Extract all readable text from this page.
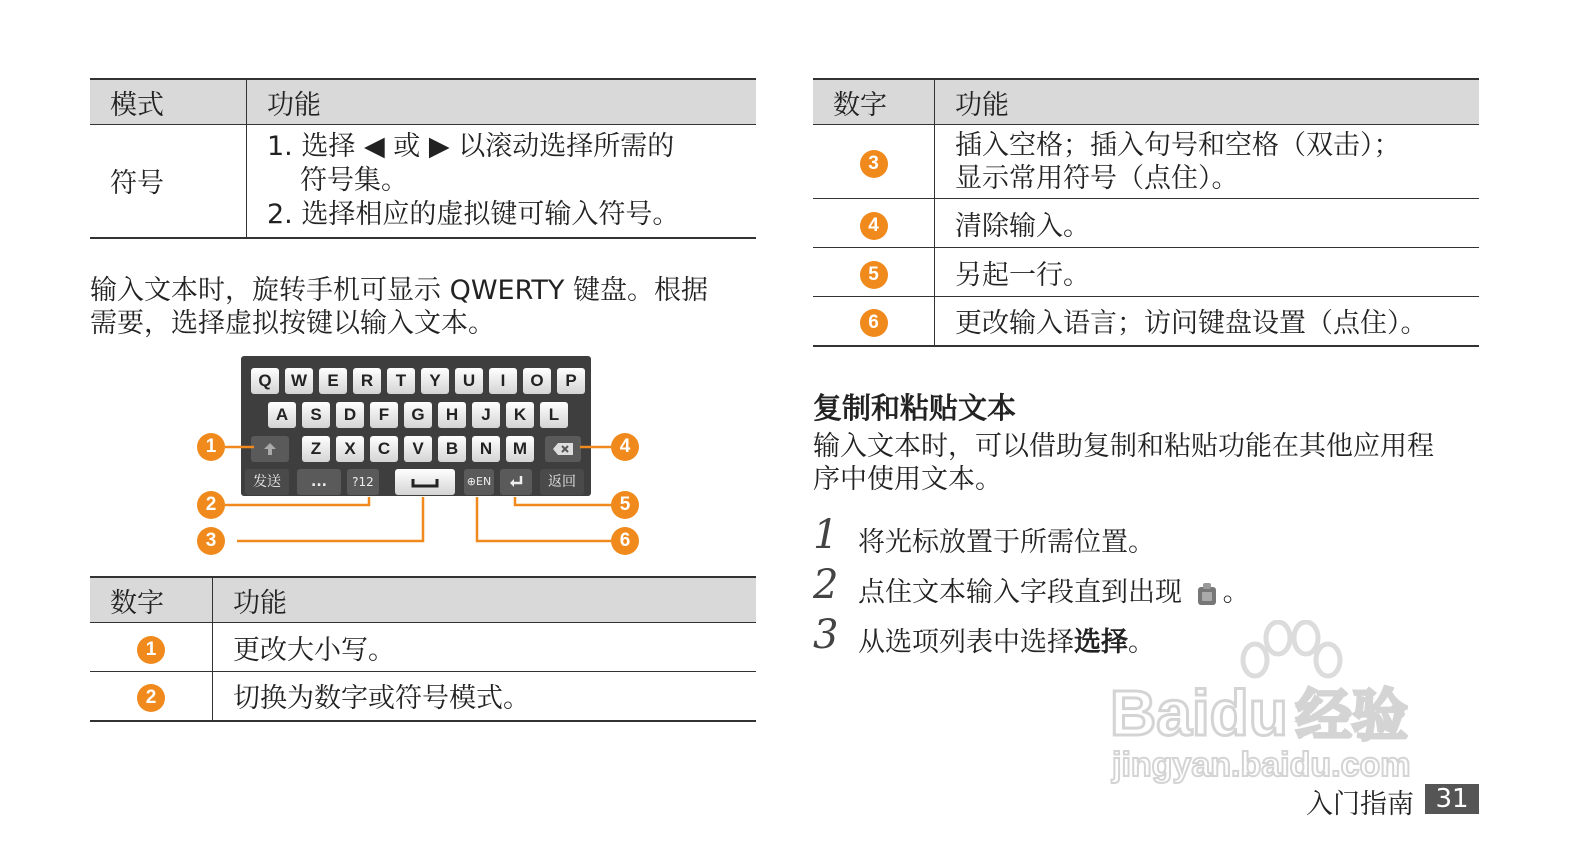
模式	功能
符号	1. 选择 ◀ 或 ▶ 以滚动选择所需的
符号集。
2. 选择相应的虚拟键可输入符号。
输入文本时，旋转手机可显示 QWERTY 键盘。根据
需要，选择虚拟按键以输入文本。
Q	W	E	R	T	Y	U	I	O	P
A	S	D	F	G	H	J	K	L
Z	X	C	V	B	N	M
发送	...	?12	⊕EN	返回
1
2
3
4
5
6
数字	功能
1	更改大小写。
2	切换为数字或符号模式。
数字	功能
3	插入空格；插入句号和空格（双击）；
显示常用符号（点住）。

4	清除输入。
5	另起一行。
6	更改输入语言；访问键盘设置（点住）。
复制和粘贴文本
输入文本时，可以借助复制和粘贴功能在其他应用程
序中使用文本。
1 将光标放置于所需位置。
2 点住文本输入字段直到出现 。
3 从选项列表中选择选择。
Baidu 经验
jingyan.baidu.com
入门指南 31
